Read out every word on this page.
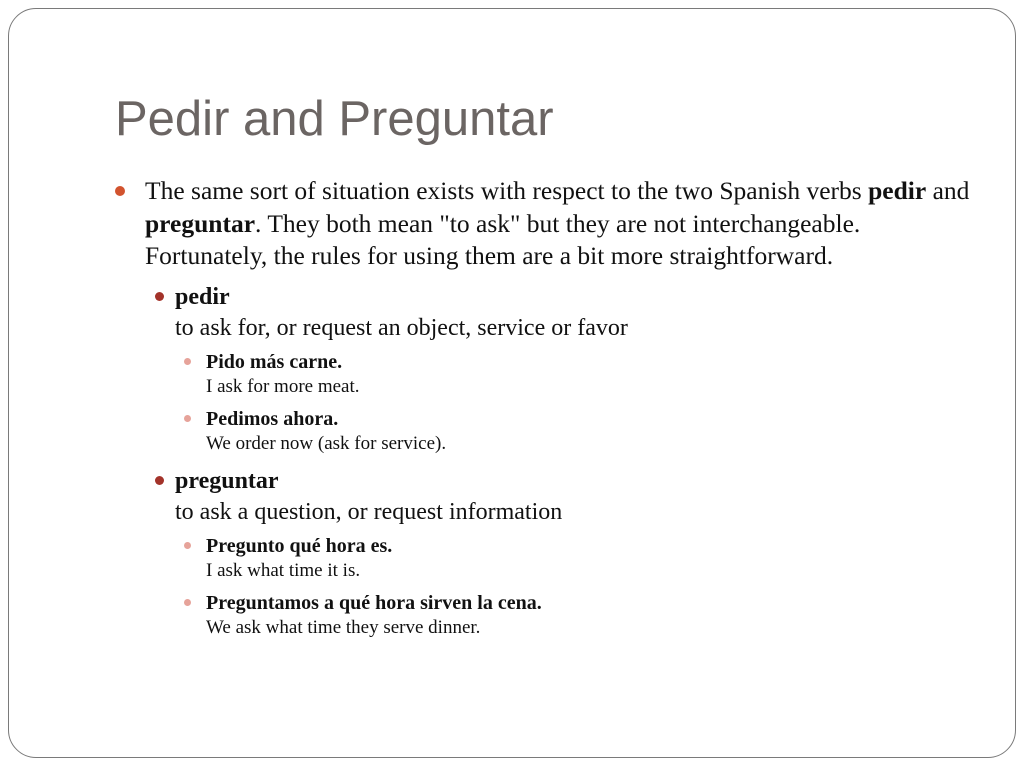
Pedir and Preguntar
The same sort of situation exists with respect to the two Spanish verbs pedir and preguntar. They both mean "to ask" but they are not interchangeable. Fortunately, the rules for using them are a bit more straightforward.
pedir
to ask for, or request an object, service or favor
Pido más carne.
I ask for more meat.
Pedimos ahora.
We order now (ask for service).
preguntar
to ask a question, or request information
Pregunto qué hora es.
I ask what time it is.
Preguntamos a qué hora sirven la cena.
We ask what time they serve dinner.
